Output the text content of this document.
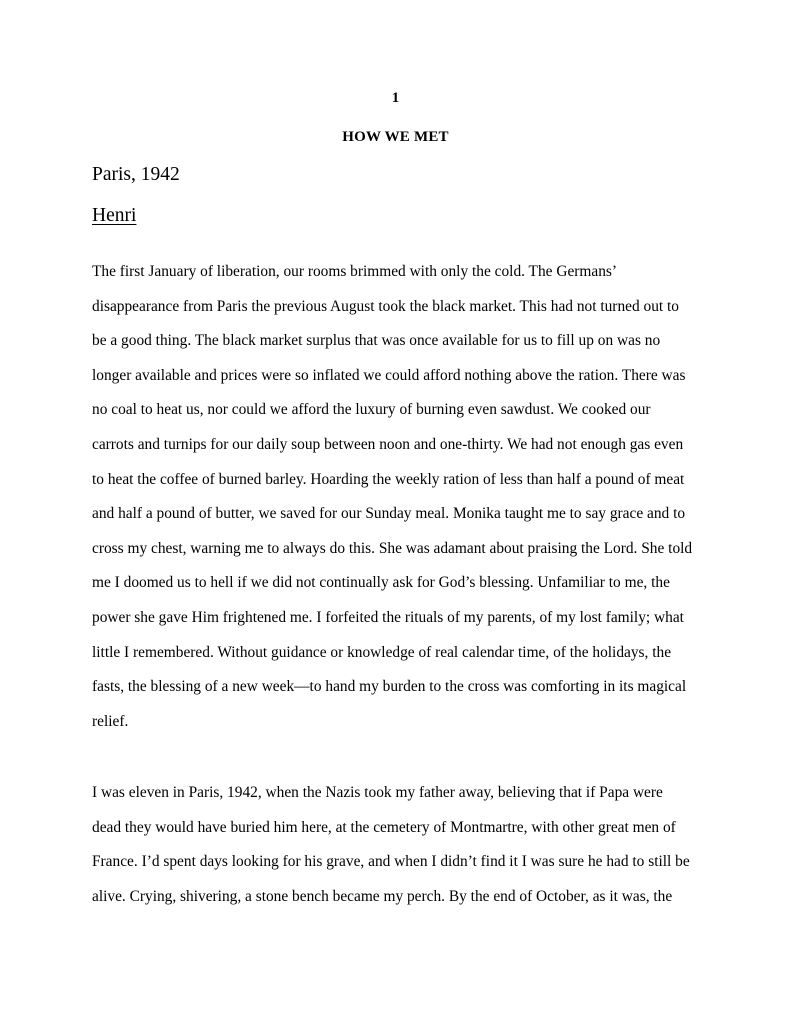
1
HOW WE MET
Paris, 1942
Henri
The first January of liberation, our rooms brimmed with only the cold. The Germans’
disappearance from Paris the previous August took the black market. This had not turned out to
be a good thing. The black market surplus that was once available for us to fill up on was no
longer available and prices were so inflated we could afford nothing above the ration. There was
no coal to heat us, nor could we afford the luxury of burning even sawdust. We cooked our
carrots and turnips for our daily soup between noon and one-thirty. We had not enough gas even
to heat the coffee of burned barley. Hoarding the weekly ration of less than half a pound of meat
and half a pound of butter, we saved for our Sunday meal. Monika taught me to say grace and to
cross my chest, warning me to always do this. She was adamant about praising the Lord. She told
me I doomed us to hell if we did not continually ask for God’s blessing. Unfamiliar to me, the
power she gave Him frightened me. I forfeited the rituals of my parents, of my lost family; what
little I remembered. Without guidance or knowledge of real calendar time, of the holidays, the
fasts, the blessing of a new week—to hand my burden to the cross was comforting in its magical
relief.
I was eleven in Paris, 1942, when the Nazis took my father away, believing that if Papa were
dead they would have buried him here, at the cemetery of Montmartre, with other great men of
France. I’d spent days looking for his grave, and when I didn’t find it I was sure he had to still be
alive. Crying, shivering, a stone bench became my perch. By the end of October, as it was, the
